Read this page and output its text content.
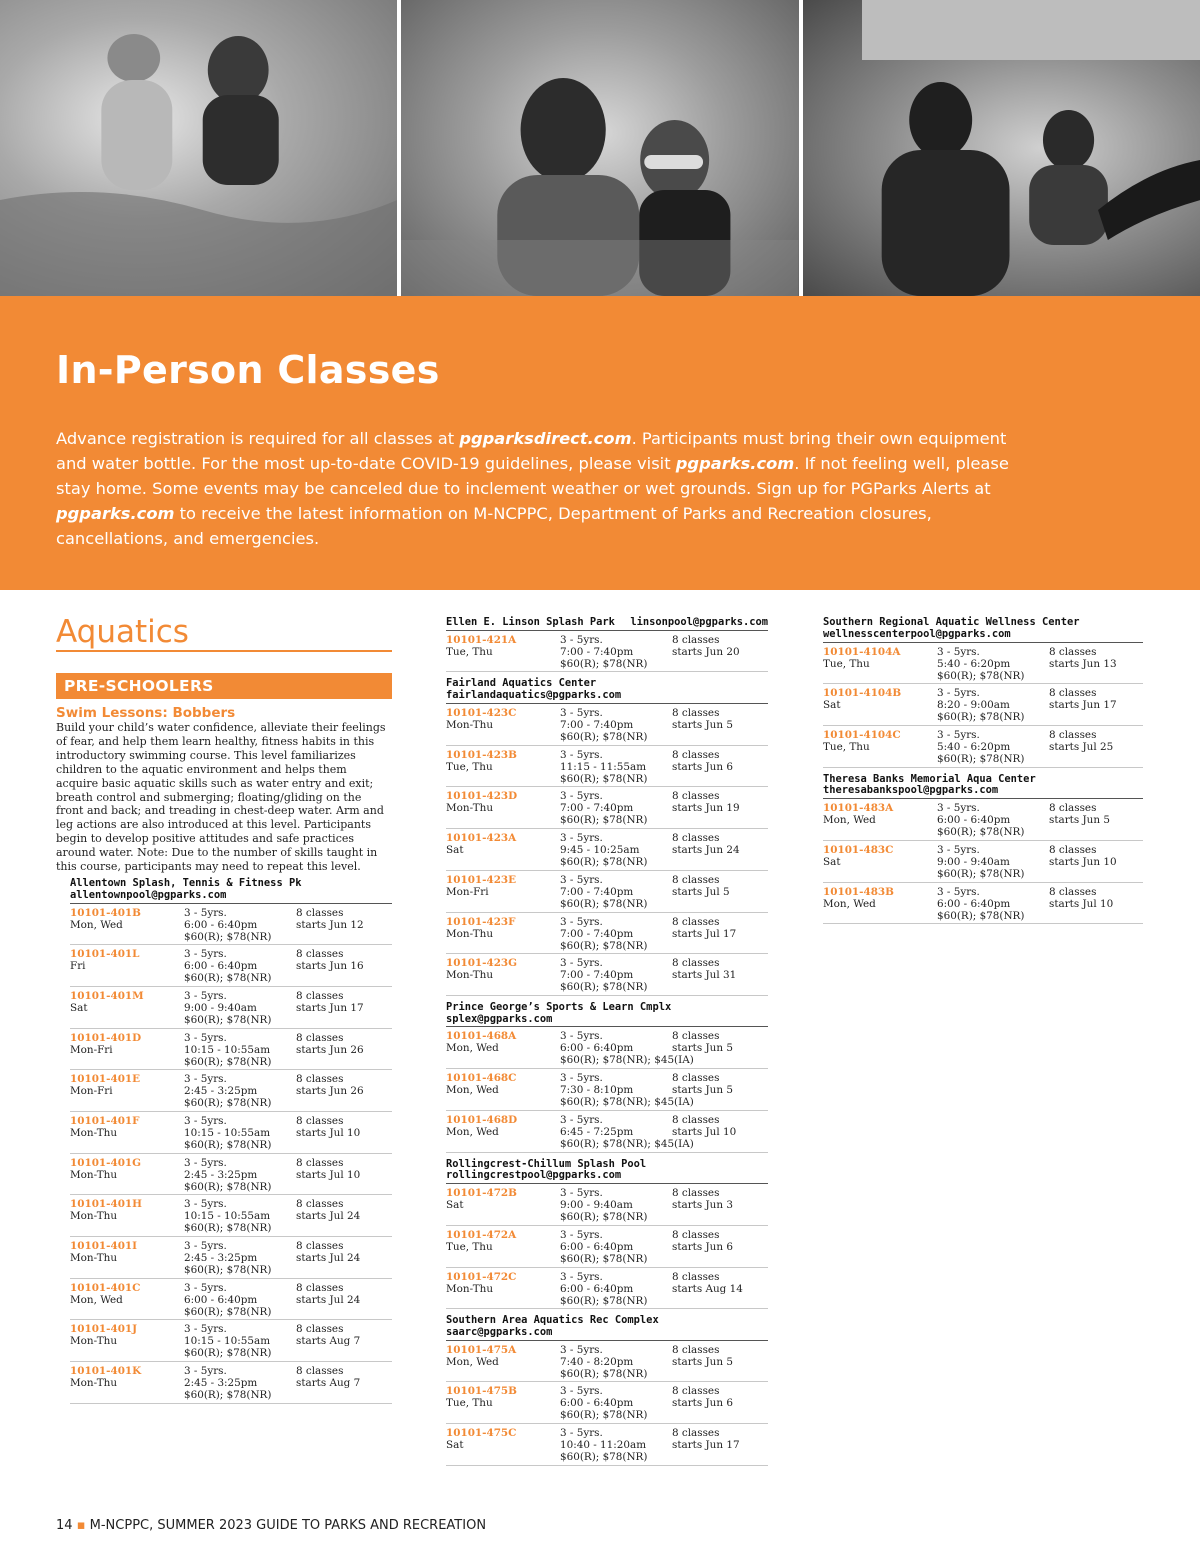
In-Person Classes

Advance registration is required for all classes at pgparksdirect.com. Participants must bring their own equipment and water bottle. For the most up-to-date COVID-19 guidelines, please visit pgparks.com. If not feeling well, please stay home. Some events may be canceled due to inclement weather or wet grounds. Sign up for PGParks Alerts at pgparks.com to receive the latest information on M-NCPPC, Department of Parks and Recreation closures, cancellations, and emergencies.

Aquatics
PRE-SCHOOLERS
Swim Lessons: Bobbers
Build your child’s water confidence, alleviate their feelings of fear, and help them learn healthy, fitness habits in this introductory swimming course. This level familiarizes children to the aquatic environment and helps them acquire basic aquatic skills such as water entry and exit; breath control and submerging; floating/gliding on the front and back; and treading in chest-deep water. Arm and leg actions are also introduced at this level. Participants begin to develop positive attitudes and safe practices around water. Note: Due to the number of skills taught in this course, participants may need to repeat this level.
Allentown Splash, Tennis & Fitness Pk
allentownpool@pgparks.com
10101-401B
Mon, Wed
3 - 5yrs.
6:00 - 6:40pm
$60(R); $78(NR)
8 classes
starts Jun 12
10101-401L
Fri
3 - 5yrs.
6:00 - 6:40pm
$60(R); $78(NR)
8 classes
starts Jun 16
10101-401M
Sat
3 - 5yrs.
9:00 - 9:40am
$60(R); $78(NR)
8 classes
starts Jun 17
10101-401D
Mon-Fri
3 - 5yrs.
10:15 - 10:55am
$60(R); $78(NR)
8 classes
starts Jun 26
10101-401E
Mon-Fri
3 - 5yrs.
2:45 - 3:25pm
$60(R); $78(NR)
8 classes
starts Jun 26
10101-401F
Mon-Thu
3 - 5yrs.
10:15 - 10:55am
$60(R); $78(NR)
8 classes
starts Jul 10
10101-401G
Mon-Thu
3 - 5yrs.
2:45 - 3:25pm
$60(R); $78(NR)
8 classes
starts Jul 10
10101-401H
Mon-Thu
3 - 5yrs.
10:15 - 10:55am
$60(R); $78(NR)
8 classes
starts Jul 24
10101-401I
Mon-Thu
3 - 5yrs.
2:45 - 3:25pm
$60(R); $78(NR)
8 classes
starts Jul 24
10101-401C
Mon, Wed
3 - 5yrs.
6:00 - 6:40pm
$60(R); $78(NR)
8 classes
starts Jul 24
10101-401J
Mon-Thu
3 - 5yrs.
10:15 - 10:55am
$60(R); $78(NR)
8 classes
starts Aug 7
10101-401K
Mon-Thu
3 - 5yrs.
2:45 - 3:25pm
$60(R); $78(NR)
8 classes
starts Aug 7
Ellen E. Linson Splash Park linsonpool@pgparks.com
10101-421A
Tue, Thu
3 - 5yrs.
7:00 - 7:40pm
$60(R); $78(NR)
8 classes
starts Jun 20
Fairland Aquatics Center
fairlandaquatics@pgparks.com
10101-423C
Mon-Thu
3 - 5yrs.
7:00 - 7:40pm
$60(R); $78(NR)
8 classes
starts Jun 5
10101-423B
Tue, Thu
3 - 5yrs.
11:15 - 11:55am
$60(R); $78(NR)
8 classes
starts Jun 6
10101-423D
Mon-Thu
3 - 5yrs.
7:00 - 7:40pm
$60(R); $78(NR)
8 classes
starts Jun 19
10101-423A
Sat
3 - 5yrs.
9:45 - 10:25am
$60(R); $78(NR)
8 classes
starts Jun 24
10101-423E
Mon-Fri
3 - 5yrs.
7:00 - 7:40pm
$60(R); $78(NR)
8 classes
starts Jul 5
10101-423F
Mon-Thu
3 - 5yrs.
7:00 - 7:40pm
$60(R); $78(NR)
8 classes
starts Jul 17
10101-423G
Mon-Thu
3 - 5yrs.
7:00 - 7:40pm
$60(R); $78(NR)
8 classes
starts Jul 31
Prince George’s Sports & Learn Cmplx
splex@pgparks.com
10101-468A
Mon, Wed
3 - 5yrs.
6:00 - 6:40pm
$60(R); $78(NR); $45(IA)
8 classes
starts Jun 5
10101-468C
Mon, Wed
3 - 5yrs.
7:30 - 8:10pm
$60(R); $78(NR); $45(IA)
8 classes
starts Jun 5
10101-468D
Mon, Wed
3 - 5yrs.
6:45 - 7:25pm
$60(R); $78(NR); $45(IA)
8 classes
starts Jul 10
Rollingcrest-Chillum Splash Pool
rollingcrestpool@pgparks.com
10101-472B
Sat
3 - 5yrs.
9:00 - 9:40am
$60(R); $78(NR)
8 classes
starts Jun 3
10101-472A
Tue, Thu
3 - 5yrs.
6:00 - 6:40pm
$60(R); $78(NR)
8 classes
starts Jun 6
10101-472C
Mon-Thu
3 - 5yrs.
6:00 - 6:40pm
$60(R); $78(NR)
8 classes
starts Aug 14
Southern Area Aquatics Rec Complex
saarc@pgparks.com
10101-475A
Mon, Wed
3 - 5yrs.
7:40 - 8:20pm
$60(R); $78(NR)
8 classes
starts Jun 5
10101-475B
Tue, Thu
3 - 5yrs.
6:00 - 6:40pm
$60(R); $78(NR)
8 classes
starts Jun 6
10101-475C
Sat
3 - 5yrs.
10:40 - 11:20am
$60(R); $78(NR)
8 classes
starts Jun 17
Southern Regional Aquatic Wellness Center
wellnesscenterpool@pgparks.com
10101-4104A
Tue, Thu
3 - 5yrs.
5:40 - 6:20pm
$60(R); $78(NR)
8 classes
starts Jun 13
10101-4104B
Sat
3 - 5yrs.
8:20 - 9:00am
$60(R); $78(NR)
8 classes
starts Jun 17
10101-4104C
Tue, Thu
3 - 5yrs.
5:40 - 6:20pm
$60(R); $78(NR)
8 classes
starts Jul 25
Theresa Banks Memorial Aqua Center
theresabankspool@pgparks.com
10101-483A
Mon, Wed
3 - 5yrs.
6:00 - 6:40pm
$60(R); $78(NR)
8 classes
starts Jun 5
10101-483C
Sat
3 - 5yrs.
9:00 - 9:40am
$60(R); $78(NR)
8 classes
starts Jun 10
10101-483B
Mon, Wed
3 - 5yrs.
6:00 - 6:40pm
$60(R); $78(NR)
8 classes
starts Jul 10
14 ▪ M-NCPPC, SUMMER 2023 GUIDE TO PARKS AND RECREATION
